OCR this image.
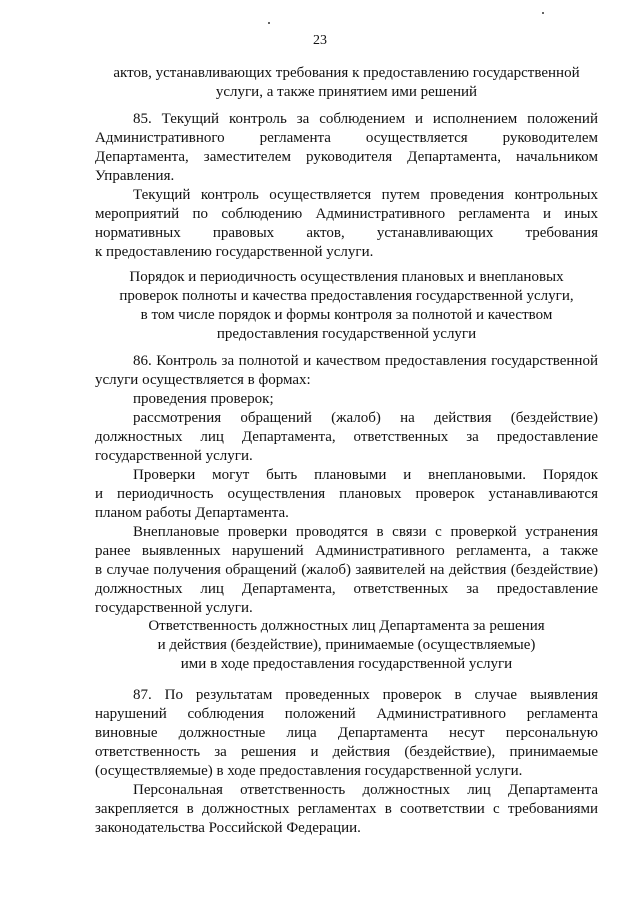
23
актов, устанавливающих требования к предоставлению государственной
услуги, а также принятием ими решений
85. Текущий контроль за соблюдением и исполнением положений
Административного регламента осуществляется руководителем
Департамента, заместителем руководителя Департамента, начальником
Управления.
Текущий контроль осуществляется путем проведения контрольных
мероприятий по соблюдению Административного регламента и иных
нормативных правовых актов, устанавливающих требования
к предоставлению государственной услуги.
Порядок и периодичность осуществления плановых и внеплановых
проверок полноты и качества предоставления государственной услуги,
в том числе порядок и формы контроля за полнотой и качеством
предоставления государственной услуги
86. Контроль за полнотой и качеством предоставления государственной
услуги осуществляется в формах:
проведения проверок;
рассмотрения обращений (жалоб) на действия (бездействие)
должностных лиц Департамента, ответственных за предоставление
государственной услуги.
Проверки могут быть плановыми и внеплановыми. Порядок
и периодичность осуществления плановых проверок устанавливаются
планом работы Департамента.
Внеплановые проверки проводятся в связи с проверкой устранения
ранее выявленных нарушений Административного регламента, а также
в случае получения обращений (жалоб) заявителей на действия (бездействие)
должностных лиц Департамента, ответственных за предоставление
государственной услуги.
Ответственность должностных лиц Департамента за решения
и действия (бездействие), принимаемые (осуществляемые)
ими в ходе предоставления государственной услуги
87. По результатам проведенных проверок в случае выявления
нарушений соблюдения положений Административного регламента
виновные должностные лица Департамента несут персональную
ответственность за решения и действия (бездействие), принимаемые
(осуществляемые) в ходе предоставления государственной услуги.
Персональная ответственность должностных лиц Департамента
закрепляется в должностных регламентах в соответствии с требованиями
законодательства Российской Федерации.
